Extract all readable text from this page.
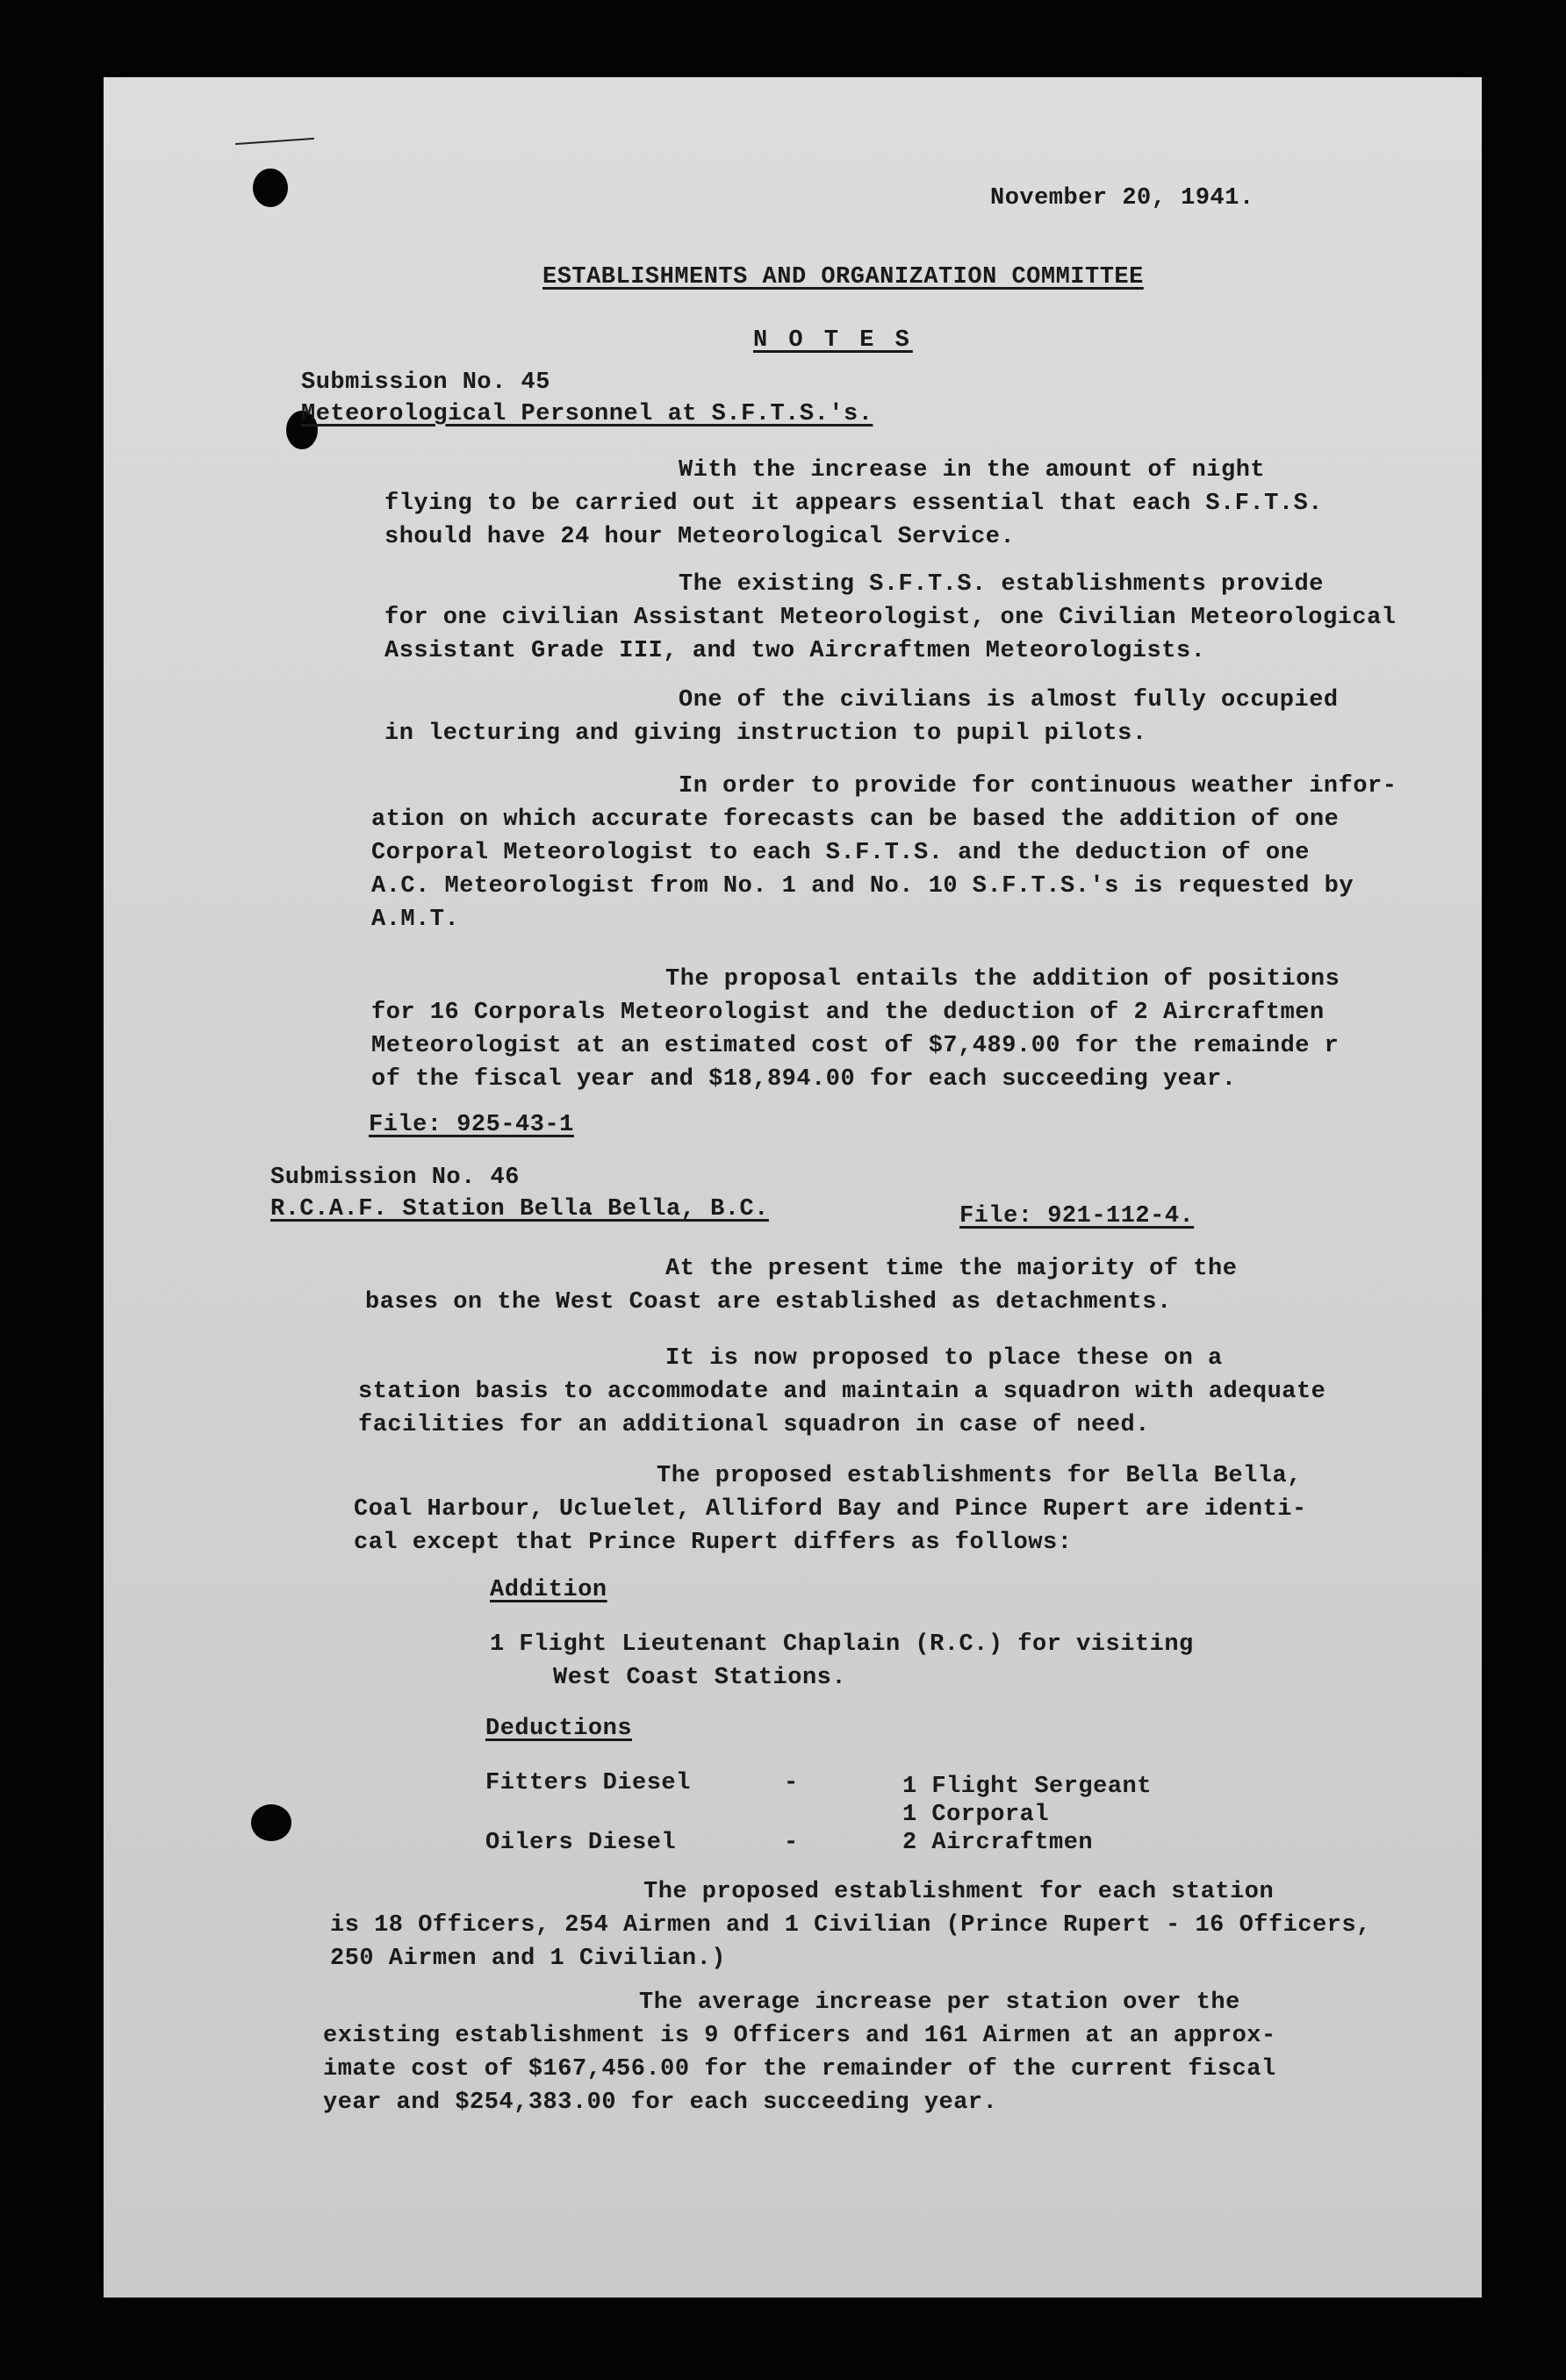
November 20, 1941.
ESTABLISHMENTS AND ORGANIZATION COMMITTEE
N O T E S
Submission No. 45
Meteorological Personnel at S.F.T.S.'s.
With the increase in the amount of night
flying to be carried out it appears essential that each S.F.T.S.
should have 24 hour Meteorological Service.
The existing S.F.T.S. establishments provide
for one civilian Assistant Meteorologist, one Civilian Meteorological
Assistant Grade III, and two Aircraftmen Meteorologists.
One of the civilians is almost fully occupied
in lecturing and giving instruction to pupil pilots.
In order to provide for continuous weather infor-
ation on which accurate forecasts can be based the addition of one
Corporal Meteorologist to each S.F.T.S. and the deduction of one
A.C. Meteorologist from No. 1 and No. 10 S.F.T.S.'s is requested by
A.M.T.
The proposal entails the addition of positions
for 16 Corporals Meteorologist and the deduction of 2 Aircraftmen
Meteorologist at an estimated cost of $7,489.00 for the remainde r
of the fiscal year and $18,894.00 for each succeeding year.
File: 925-43-1
Submission No. 46
R.C.A.F. Station Bella Bella, B.C.	File: 921-112-4.
At the present time the majority of the
bases on the West Coast are established as detachments.
It is now proposed to place these on a
station basis to accommodate and maintain a squadron with adequate
facilities for an additional squadron in case of need.
The proposed establishments for Bella Bella,
Coal Harbour, Ucluelet, Alliford Bay and Pince Rupert are identi-
cal except that Prince Rupert differs as follows:
Addition
1 Flight Lieutenant Chaplain (R.C.) for visiting
West Coast Stations.
Deductions
Fitters Diesel	-	1 Flight Sergeant
1 Corporal
Oilers Diesel	-	2 Aircraftmen
The proposed establishment for each station
is 18 Officers, 254 Airmen and 1 Civilian (Prince Rupert - 16 Officers,
250 Airmen and 1 Civilian.)
The average increase per station over the
existing establishment is 9 Officers and 161 Airmen at an approx-
imate cost of $167,456.00 for the remainder of the current fiscal
year and $254,383.00 for each succeeding year.
